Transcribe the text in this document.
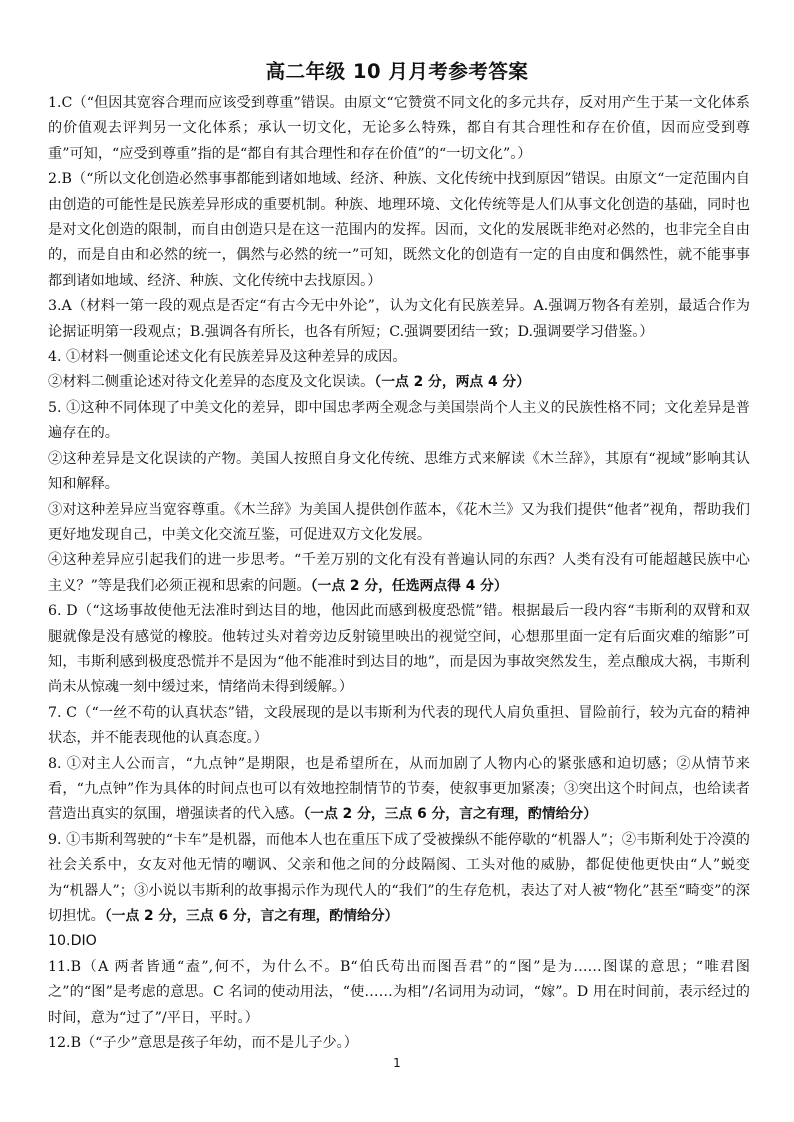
高二年级 10 月月考参考答案

1.C（“但因其宽容合理而应该受到尊重”错误。由原文“它赞赏不同文化的多元共存，反对用产生于某一文化体系的价值观去评判另一文化体系；承认一切文化，无论多么特殊，都自有其合理性和存在价值，因而应受到尊重”可知，“应受到尊重”指的是“都自有其合理性和存在价值”的“一切文化”。）

2.B（“所以文化创造必然事事都能到诸如地域、经济、种族、文化传统中找到原因”错误。由原文“一定范围内自由创造的可能性是民族差异形成的重要机制。种族、地理环境、文化传统等是人们从事文化创造的基础，同时也是对文化创造的限制，而自由创造只是在这一范围内的发挥。因而，文化的发展既非绝对必然的，也非完全自由的，而是自由和必然的统一，偶然与必然的统一”可知，既然文化的创造有一定的自由度和偶然性，就不能事事都到诸如地域、经济、种族、文化传统中去找原因。）

3.A（材料一第一段的观点是否定“有古今无中外论”，认为文化有民族差异。A.强调万物各有差别，最适合作为论据证明第一段观点；B.强调各有所长，也各有所短；C.强调要团结一致；D.强调要学习借鉴。）

4. ①材料一侧重论述文化有民族差异及这种差异的成因。

②材料二侧重论述对待文化差异的态度及文化误读。（一点 2 分，两点 4 分）

5. ①这种不同体现了中美文化的差异，即中国忠孝两全观念与美国崇尚个人主义的民族性格不同；文化差异是普遍存在的。

②这种差异是文化误读的产物。美国人按照自身文化传统、思维方式来解读《木兰辞》，其原有“视域”影响其认知和解释。

③对这种差异应当宽容尊重。《木兰辞》为美国人提供创作蓝本，《花木兰》又为我们提供“他者”视角，帮助我们更好地发现自己，中美文化交流互鉴，可促进双方文化发展。

④这种差异应引起我们的进一步思考。“千差万别的文化有没有普遍认同的东西？人类有没有可能超越民族中心主义？”等是我们必须正视和思索的问题。（一点 2 分，任选两点得 4 分）

6. D（“这场事故使他无法准时到达目的地，他因此而感到极度恐慌”错。根据最后一段内容“韦斯利的双臂和双腿就像是没有感觉的橡胶。他转过头对着旁边反射镜里映出的视觉空间，心想那里面一定有后面灾难的缩影”可知，韦斯利感到极度恐慌并不是因为“他不能准时到达目的地”，而是因为事故突然发生，差点酿成大祸，韦斯利尚未从惊魂一刻中缓过来，情绪尚未得到缓解。）

7. C（“一丝不苟的认真状态”错，文段展现的是以韦斯利为代表的现代人肩负重担、冒险前行，较为亢奋的精神状态，并不能表现他的认真态度。）

8. ①对主人公而言，“九点钟”是期限，也是希望所在，从而加剧了人物内心的紧张感和迫切感；②从情节来看，“九点钟”作为具体的时间点也可以有效地控制情节的节奏，使叙事更加紧凑；③突出这个时间点，也给读者营造出真实的氛围，增强读者的代入感。（一点 2 分，三点 6 分，言之有理，酌情给分）

9. ①韦斯利驾驶的“卡车”是机器，而他本人也在重压下成了受被操纵不能停歇的“机器人”；②韦斯利处于冷漠的社会关系中，女友对他无情的嘲讽、父亲和他之间的分歧隔阂、工头对他的威胁，都促使他更快由“人”蜕变为“机器人”；③小说以韦斯利的故事揭示作为现代人的“我们”的生存危机，表达了对人被“物化”甚至“畸变”的深切担忧。（一点 2 分，三点 6 分，言之有理，酌情给分）

10.DIO

11.B（A 两者皆通“盍”,何不，为什么不。B“伯氏苟出而图吾君”的“图”是为……图谋的意思；“唯君图之”的“图”是考虑的意思。C 名词的使动用法，“使……为相”/名词用为动词，“嫁”。D 用在时间前，表示经过的时间，意为“过了”/平日，平时。）

12.B（“子少”意思是孩子年幼，而不是儿子少。）

1
